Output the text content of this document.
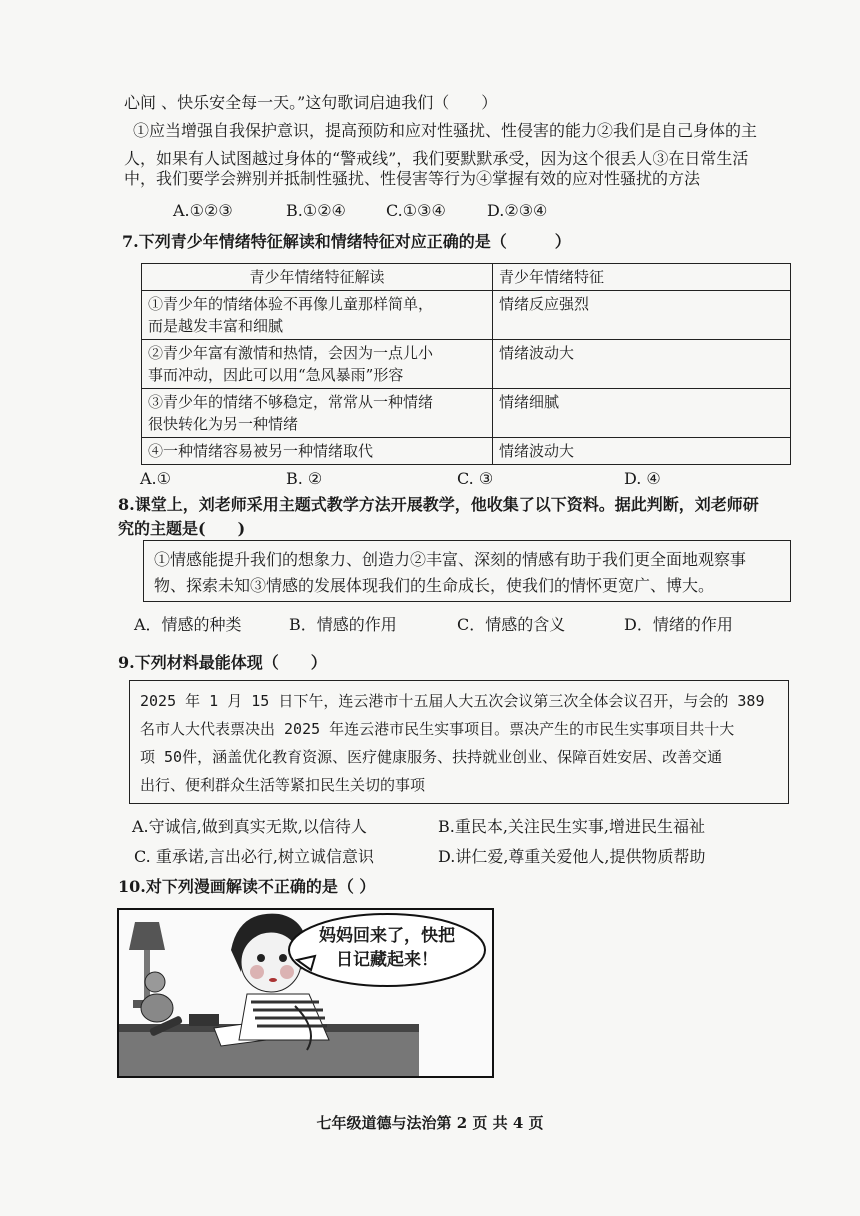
心间 、快乐安全每一天。”这句歌词启迪我们（　　）
①应当增强自我保护意识，提高预防和应对性骚扰、性侵害的能力②我们是自己身体的主
人，如果有人试图越过身体的“警戒线”，我们要默默承受，因为这个很丢人③在日常生活
中，我们要学会辨别并抵制性骚扰、性侵害等行为④掌握有效的应对性骚扰的方法
A.①②③	B.①②④	C.①③④	D.②③④
7.下列青少年情绪特征解读和情绪特征对应正确的是（　　　）
青少年情绪特征解读	青少年情绪特征
①青少年的情绪体验不再像儿童那样简单，
而是越发丰富和细腻	情绪反应强烈
②青少年富有激情和热情，会因为一点儿小
事而冲动，因此可以用“急风暴雨”形容	情绪波动大
③青少年的情绪不够稳定，常常从一种情绪
很快转化为另一种情绪	情绪细腻
④一种情绪容易被另一种情绪取代	情绪波动大
A.①	B. ②	C. ③	D. ④
8.课堂上，刘老师采用主题式教学方法开展教学，他收集了以下资料。据此判断，刘老师研
究的主题是(　　)
①情感能提升我们的想象力、创造力②丰富、深刻的情感有助于我们更全面地观察事
物、探索未知③情感的发展体现我们的生命成长，使我们的情怀更宽广、博大。
A．情感的种类	B．情感的作用	C．情感的含义	D．情绪的作用
9.下列材料最能体现（　　）
2025 年 1 月 15 日下午，连云港市十五届人大五次会议第三次全体会议召开，与会的 389
名市人大代表票决出 2025 年连云港市民生实事项目。票决产生的市民生实事项目共十大
项 50件，涵盖优化教育资源、医疗健康服务、扶持就业创业、保障百姓安居、改善交通
出行、便利群众生活等紧扣民生关切的事项
A.守诚信,做到真实无欺,以信待人	B.重民本,关注民生实事,增进民生福祉
C. 重承诺,言出必行,树立诚信意识	D.讲仁爱,尊重关爱他人,提供物质帮助
10.对下列漫画解读不正确的是（ ）
妈妈回来了，快把
日记藏起来！
七年级道德与法治第 2 页 共 4 页
